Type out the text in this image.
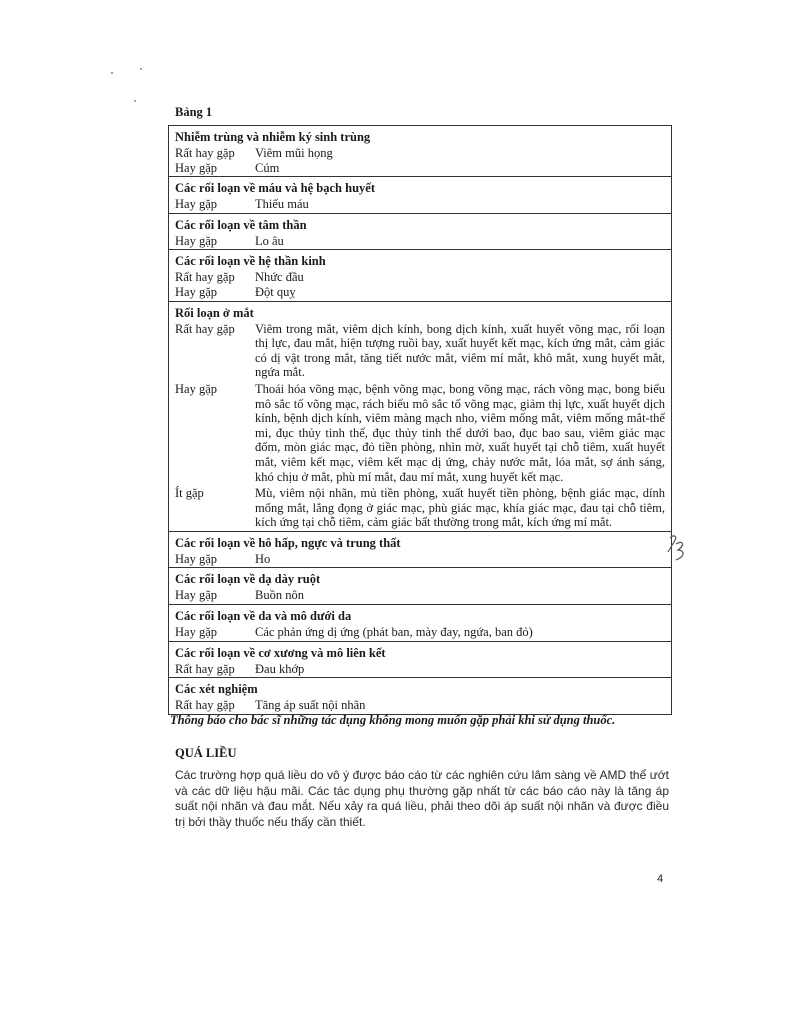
Bảng 1
Nhiễm trùng và nhiễm ký sinh trùng
Rất hay gặp	Viêm mũi họng
Hay gặp	Cúm
Các rối loạn về máu và hệ bạch huyết
Hay gặp	Thiếu máu
Các rối loạn về tâm thần
Hay gặp	Lo âu
Các rối loạn về hệ thần kinh
Rất hay gặp	Nhức đầu
Hay gặp	Đột quỵ
Rối loạn ở mắt
Rất hay gặp	Viêm trong mắt, viêm dịch kính, bong dịch kính, xuất huyết võng mạc, rối loạn thị lực, đau mắt, hiện tượng ruồi bay, xuất huyết kết mạc, kích ứng mắt, cảm giác có dị vật trong mắt, tăng tiết nước mắt, viêm mí mắt, khô mắt, xung huyết mắt, ngứa mắt.
Hay gặp	Thoái hóa võng mạc, bệnh võng mạc, bong võng mạc, rách võng mạc, bong biểu mô sắc tố võng mạc, rách biểu mô sắc tố võng mạc, giảm thị lực, xuất huyết dịch kính, bệnh dịch kính, viêm màng mạch nho, viêm mống mắt, viêm mống mắt-thể mi, đục thủy tinh thể, đục thủy tinh thể dưới bao, đục bao sau, viêm giác mạc đốm, mòn giác mạc, đỏ tiền phòng, nhìn mờ, xuất huyết tại chỗ tiêm, xuất huyết mắt, viêm kết mạc, viêm kết mạc dị ứng, chảy nước mắt, lóa mắt, sợ ánh sáng, khó chịu ở mắt, phù mí mắt, đau mí mắt, xung huyết kết mạc.
Ít gặp	Mù, viêm nội nhãn, mủ tiền phòng, xuất huyết tiền phòng, bệnh giác mạc, dính mống mắt, lắng đọng ở giác mạc, phù giác mạc, khía giác mạc, đau tại chỗ tiêm, kích ứng tại chỗ tiêm, cảm giác bất thường trong mắt, kích ứng mí mắt.
Các rối loạn về hô hấp, ngực và trung thất
Hay gặp	Ho
Các rối loạn về dạ dày ruột
Hay gặp	Buồn nôn
Các rối loạn về da và mô dưới da
Hay gặp	Các phản ứng dị ứng (phát ban, mày đay, ngứa, ban đỏ)
Các rối loạn về cơ xương và mô liên kết
Rất hay gặp	Đau khớp
Các xét nghiệm
Rất hay gặp	Tăng áp suất nội nhãn
Thông báo cho bác sĩ những tác dụng không mong muốn gặp phải khi sử dụng thuốc.
QUÁ LIỀU
Các trường hợp quá liều do vô ý được báo cáo từ các nghiên cứu lâm sàng về AMD thể ướt và các dữ liệu hậu mãi. Các tác dụng phụ thường gặp nhất từ các báo cáo này là tăng áp suất nội nhãn và đau mắt. Nếu xảy ra quá liều, phải theo dõi áp suất nội nhãn và được điều trị bởi thầy thuốc nếu thấy cần thiết.
4
